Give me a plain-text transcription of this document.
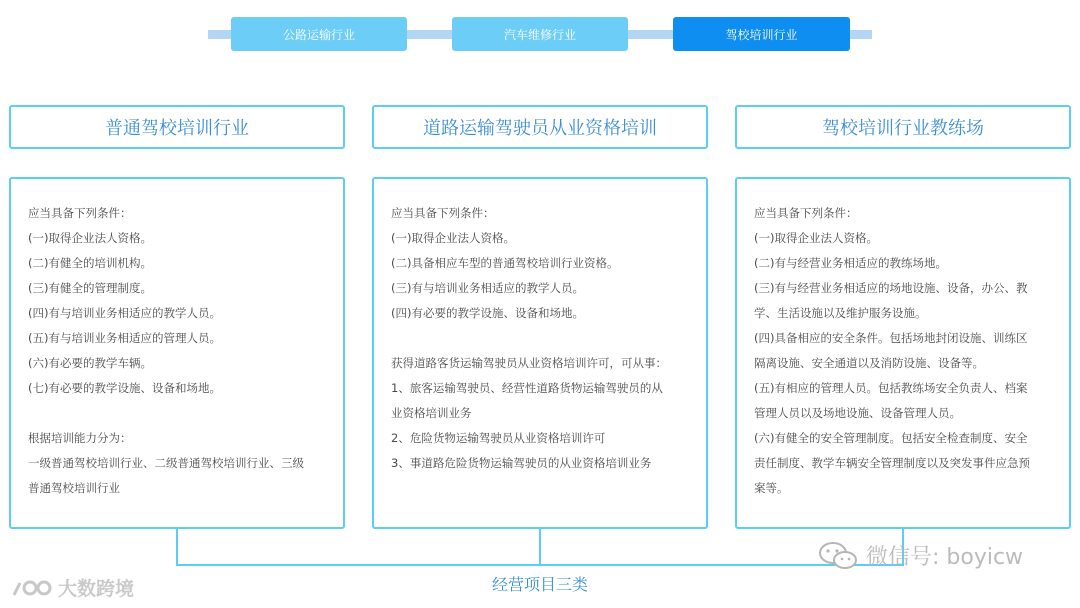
公路运输行业	汽车维修行业	驾校培训行业
普通驾校培训行业	道路运输驾驶员从业资格培训	驾校培训行业教练场
应当具备下列条件：
(一)取得企业法人资格。
(二)有健全的培训机构。
(三)有健全的管理制度。
(四)有与培训业务相适应的教学人员。
(五)有与培训业务相适应的管理人员。
(六)有必要的教学车辆。
(七)有必要的教学设施、设备和场地。
根据培训能力分为：
一级普通驾校培训行业、二级普通驾校培训行业、三级
普通驾校培训行业
应当具备下列条件：
(一)取得企业法人资格。
(二)具备相应车型的普通驾校培训行业资格。
(三)有与培训业务相适应的教学人员。
(四)有必要的教学设施、设备和场地。
获得道路客货运输驾驶员从业资格培训许可，可从事：
1、旅客运输驾驶员、经营性道路货物运输驾驶员的从
业资格培训业务
2、危险货物运输驾驶员从业资格培训许可
3、事道路危险货物运输驾驶员的从业资格培训业务
应当具备下列条件：
(一)取得企业法人资格。
(二)有与经营业务相适应的教练场地。
(三)有与经营业务相适应的场地设施、设备，办公、教
学、生活设施以及维护服务设施。
(四)具备相应的安全条件。包括场地封闭设施、训练区
隔离设施、安全通道以及消防设施、设备等。
(五)有相应的管理人员。包括教练场安全负责人、档案
管理人员以及场地设施、设备管理人员。
(六)有健全的安全管理制度。包括安全检查制度、安全
责任制度、教学车辆安全管理制度以及突发事件应急预
案等。
经营项目三类
大数跨境
微信号: boyicw
